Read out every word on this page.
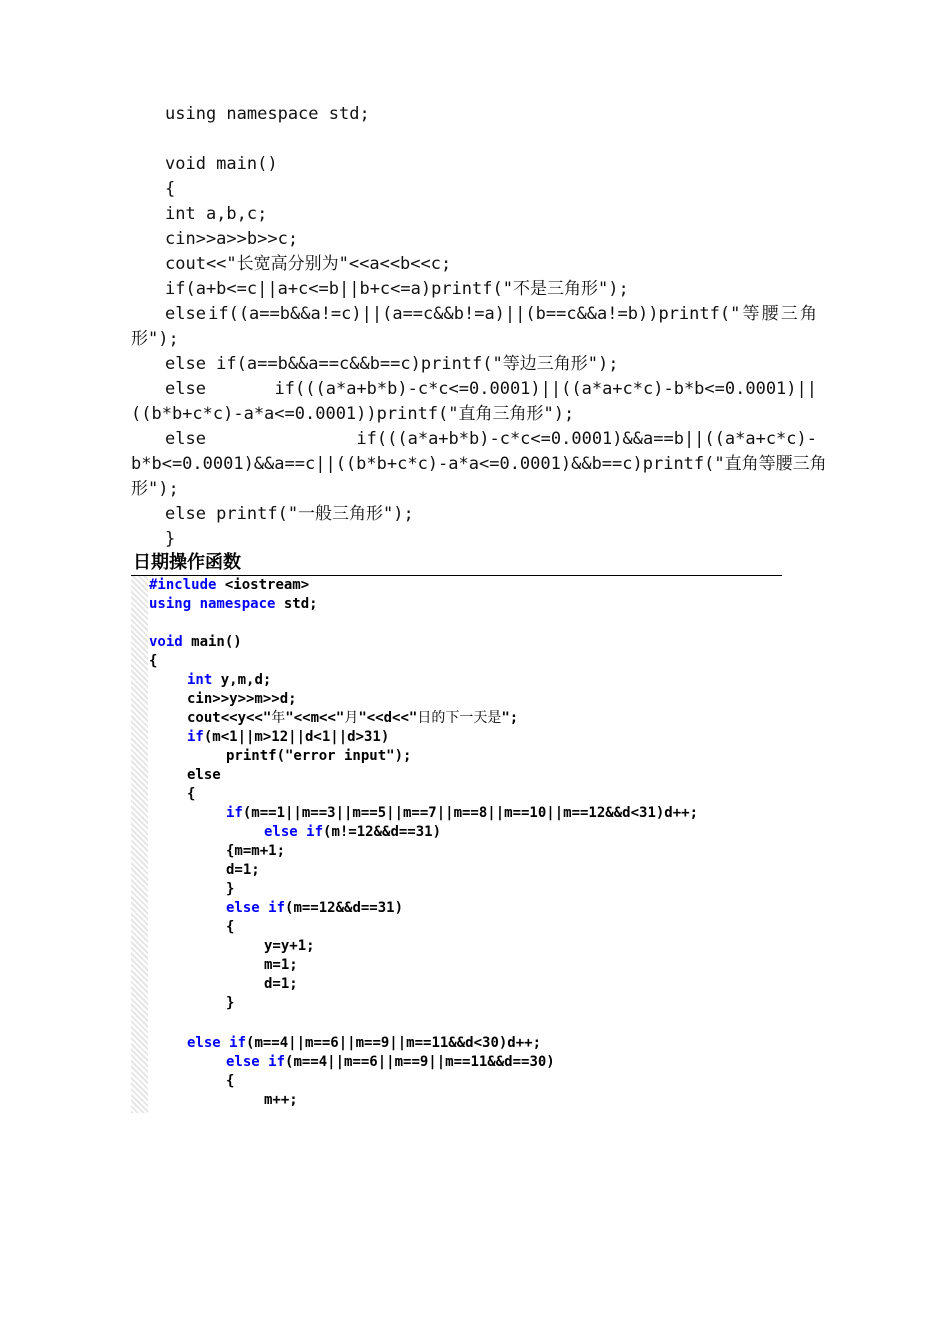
using namespace std;
void main()
{
int a,b,c;
cin>>a>>b>>c;
cout<<"长宽高分别为"<<a<<b<<c;
if(a+b<=c||a+c<=b||b+c<=a)printf("不是三角形");
else if((a==b&&a!=c)||(a==c&&b!=a)||(b==c&&a!=b))printf(" 等 腰 三 角
形");
else if(a==b&&a==c&&b==c)printf("等边三角形");
else	if(((a*a+b*b)-c*c<=0.0001)||((a*a+c*c)-b*b<=0.0001)||
((b*b+c*c)-a*a<=0.0001))printf("直角三角形");
else	if(((a*a+b*b)-c*c<=0.0001)&&a==b||((a*a+c*c)-
b*b<=0.0001)&&a==c||((b*b+c*c)-a*a<=0.0001)&&b==c)printf(" 直 角 等 腰 三 角
形");
else printf("一般三角形");
}
日期操作函数
#include <iostream>
using namespace std;
void main()
{
int y,m,d;
cin>>y>>m>>d;
cout<<y<<"年"<<m<<"月"<<d<<"日的下一天是";
if(m<1||m>12||d<1||d>31)
printf("error input");
else
{
if(m==1||m==3||m==5||m==7||m==8||m==10||m==12&&d<31)d++;
else if(m!=12&&d==31)
{m=m+1;
d=1;
}
else if(m==12&&d==31)
{
y=y+1;
m=1;
d=1;
}
else if(m==4||m==6||m==9||m==11&&d<30)d++;
else if(m==4||m==6||m==9||m==11&&d==30)
{
m++;
